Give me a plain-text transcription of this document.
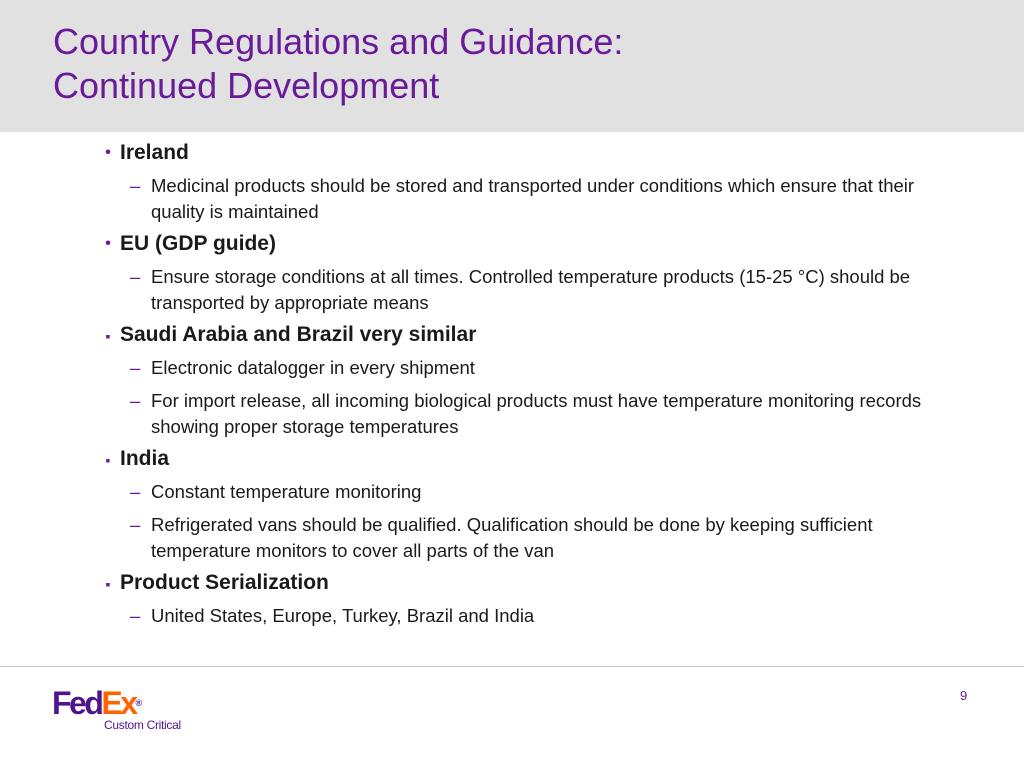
Country Regulations and Guidance:
Continued Development
• Ireland
– Medicinal products should be stored and transported under conditions which ensure that their quality is maintained
• EU (GDP guide)
– Ensure storage conditions at all times. Controlled temperature products (15-25 °C) should be transported by appropriate means
▪ Saudi Arabia and Brazil very similar
– Electronic datalogger in every shipment
– For import release, all incoming biological products must have temperature monitoring records showing proper storage temperatures
▪ India
– Constant temperature monitoring
– Refrigerated vans should be qualified. Qualification should be done by keeping sufficient temperature monitors to cover all parts of the van
▪ Product Serialization
– United States, Europe, Turkey, Brazil and India
FedEx®
Custom Critical
9
